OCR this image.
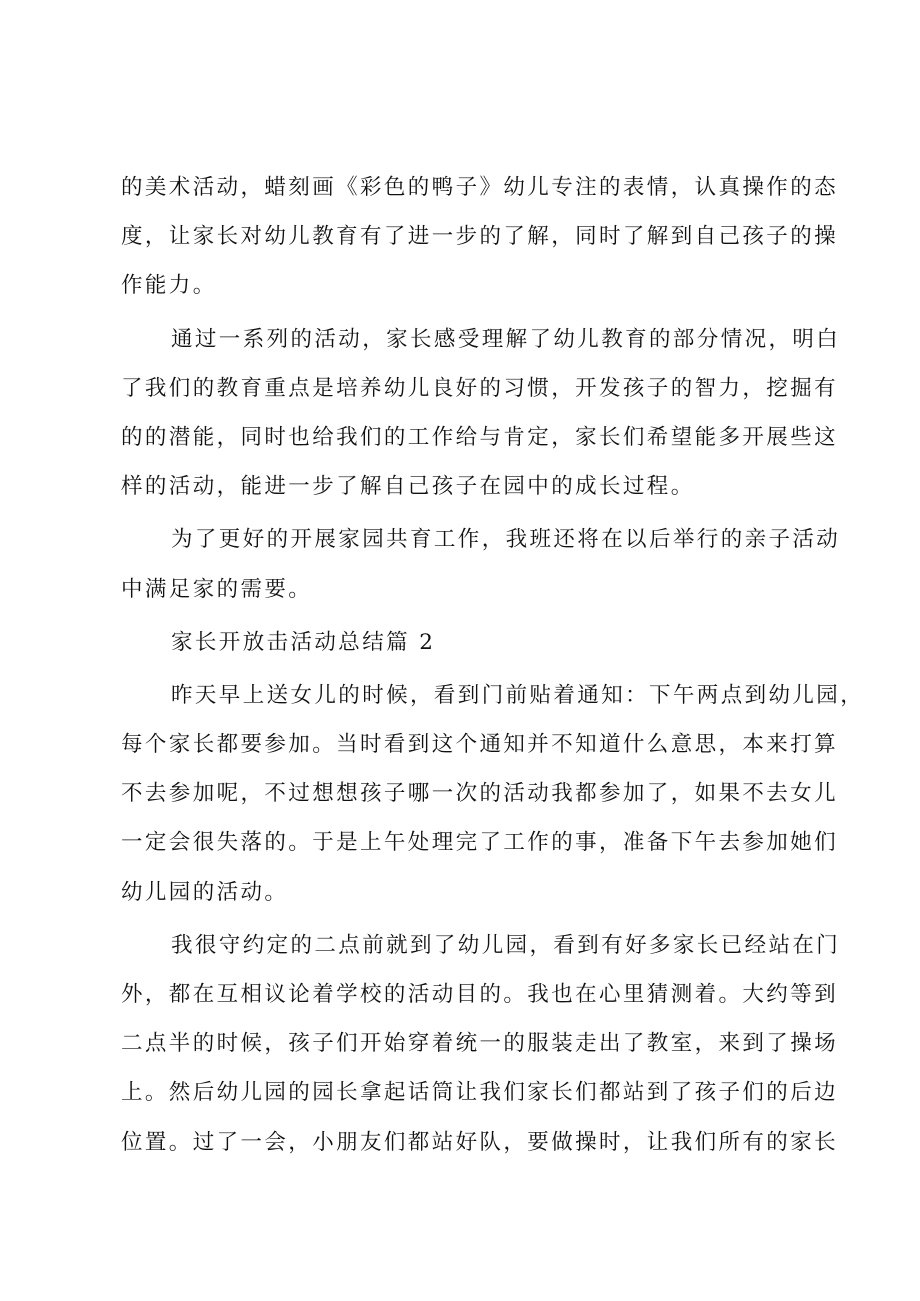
的美术活动，蜡刻画《彩色的鸭子》幼儿专注的表情，认真操作的态
度，让家长对幼儿教育有了进一步的了解，同时了解到自己孩子的操
作能力。
通过一系列的活动，家长感受理解了幼儿教育的部分情况，明白
了我们的教育重点是培养幼儿良好的习惯，开发孩子的智力，挖掘有
的的潜能，同时也给我们的工作给与肯定，家长们希望能多开展些这
样的活动，能进一步了解自己孩子在园中的成长过程。
为了更好的开展家园共育工作，我班还将在以后举行的亲子活动
中满足家的需要。
家长开放击活动总结篇 2
昨天早上送女儿的时候，看到门前贴着通知：下午两点到幼儿园，
每个家长都要参加。当时看到这个通知并不知道什么意思，本来打算
不去参加呢，不过想想孩子哪一次的活动我都参加了，如果不去女儿
一定会很失落的。于是上午处理完了工作的事，准备下午去参加她们
幼儿园的活动。
我很守约定的二点前就到了幼儿园，看到有好多家长已经站在门
外，都在互相议论着学校的活动目的。我也在心里猜测着。大约等到
二点半的时候，孩子们开始穿着统一的服装走出了教室，来到了操场
上。然后幼儿园的园长拿起话筒让我们家长们都站到了孩子们的后边
位置。过了一会，小朋友们都站好队，要做操时，让我们所有的家长
